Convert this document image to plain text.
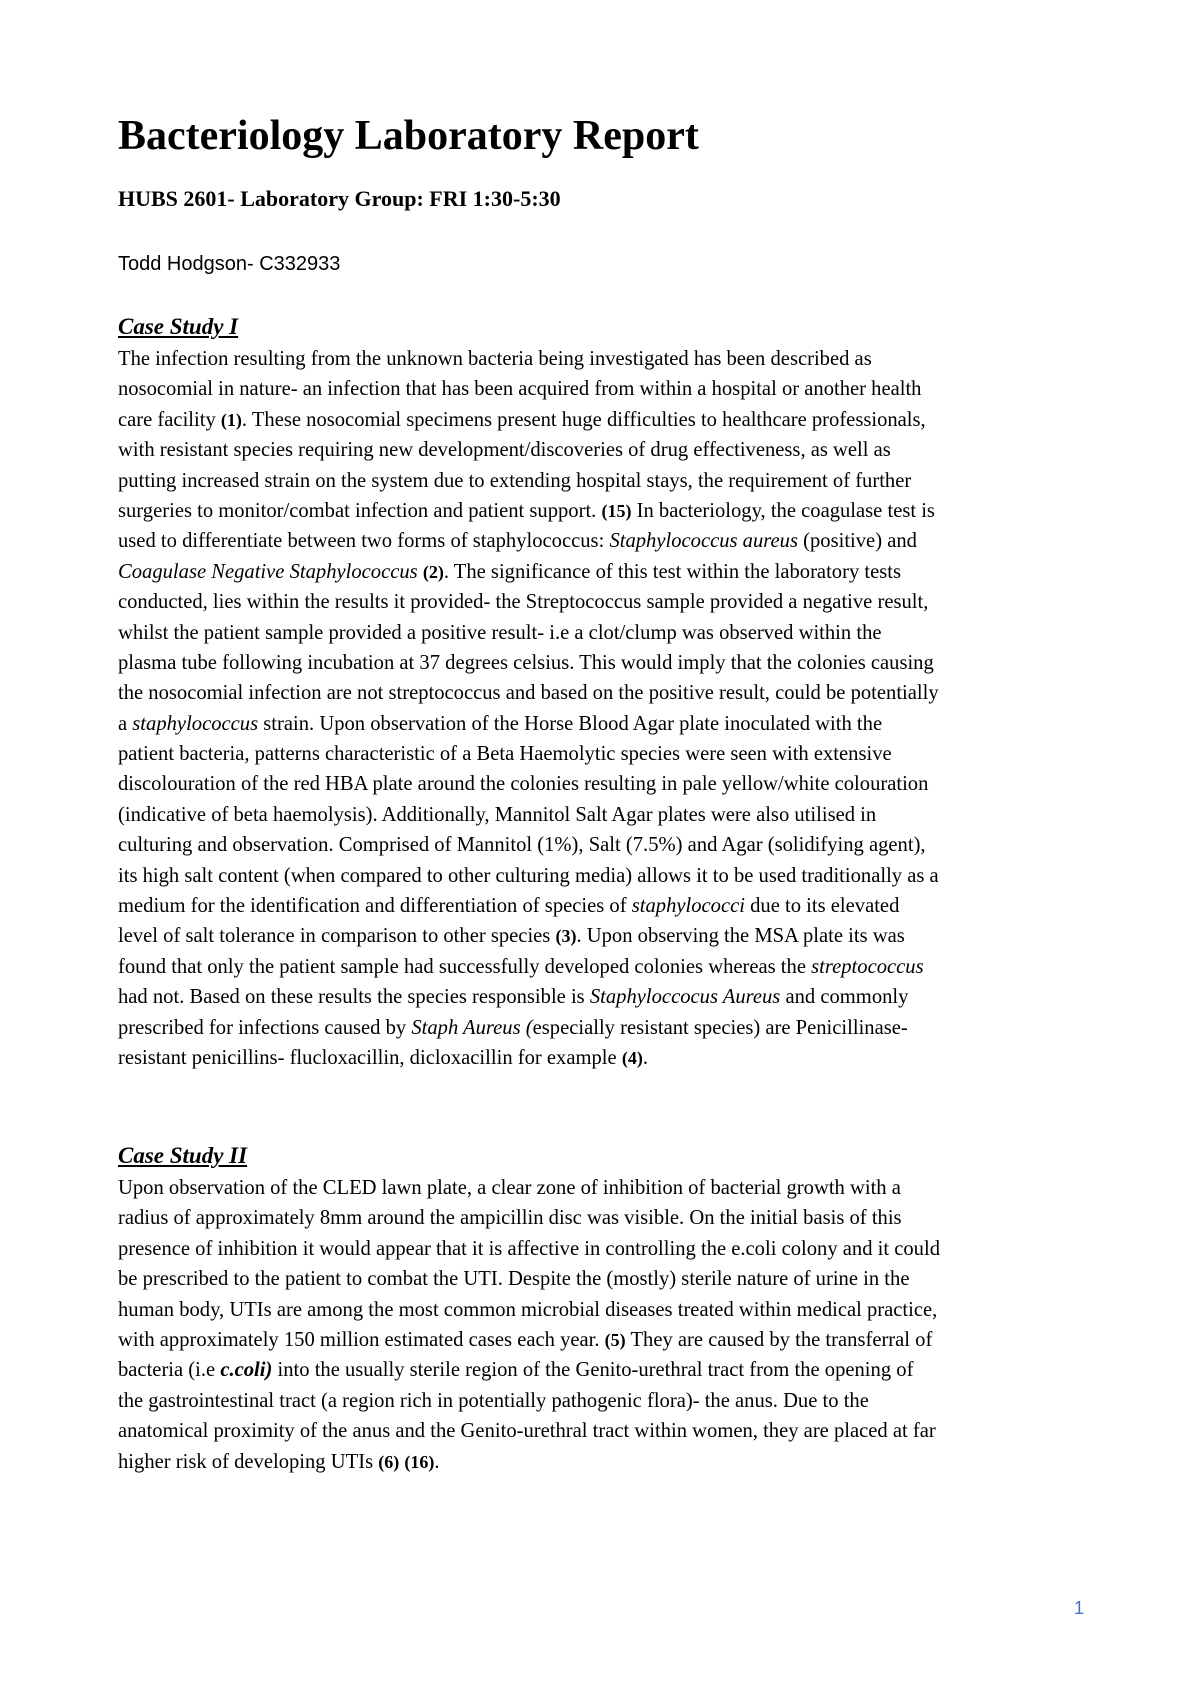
Bacteriology Laboratory Report
HUBS 2601- Laboratory Group: FRI 1:30-5:30
Todd Hodgson- C332933
Case Study I
The infection resulting from the unknown bacteria being investigated has been described as
nosocomial in nature- an infection that has been acquired from within a hospital or another health
care facility (1). These nosocomial specimens present huge difficulties to healthcare professionals,
with resistant species requiring new development/discoveries of drug effectiveness, as well as
putting increased strain on the system due to extending hospital stays, the requirement of further
surgeries to monitor/combat infection and patient support. (15) In bacteriology, the coagulase test is
used to differentiate between two forms of staphylococcus: Staphylococcus aureus (positive) and
Coagulase Negative Staphylococcus (2). The significance of this test within the laboratory tests
conducted, lies within the results it provided- the Streptococcus sample provided a negative result,
whilst the patient sample provided a positive result- i.e a clot/clump was observed within the
plasma tube following incubation at 37 degrees celsius. This would imply that the colonies causing
the nosocomial infection are not streptococcus and based on the positive result, could be potentially
a staphylococcus strain. Upon observation of the Horse Blood Agar plate inoculated with the
patient bacteria, patterns characteristic of a Beta Haemolytic species were seen with extensive
discolouration of the red HBA plate around the colonies resulting in pale yellow/white colouration
(indicative of beta haemolysis). Additionally, Mannitol Salt Agar plates were also utilised in
culturing and observation. Comprised of Mannitol (1%), Salt (7.5%) and Agar (solidifying agent),
its high salt content (when compared to other culturing media) allows it to be used traditionally as a
medium for the identification and differentiation of species of staphylococci due to its elevated
level of salt tolerance in comparison to other species (3). Upon observing the MSA plate its was
found that only the patient sample had successfully developed colonies whereas the streptococcus
had not. Based on these results the species responsible is Staphyloccocus Aureus and commonly
prescribed for infections caused by Staph Aureus (especially resistant species) are Penicillinase-
resistant penicillins- flucloxacillin, dicloxacillin for example (4).
Case Study II
Upon observation of the CLED lawn plate, a clear zone of inhibition of bacterial growth with a
radius of approximately 8mm around the ampicillin disc was visible. On the initial basis of this
presence of inhibition it would appear that it is affective in controlling the e.coli colony and it could
be prescribed to the patient to combat the UTI. Despite the (mostly) sterile nature of urine in the
human body, UTIs are among the most common microbial diseases treated within medical practice,
with approximately 150 million estimated cases each year. (5) They are caused by the transferral of
bacteria (i.e c.coli) into the usually sterile region of the Genito-urethral tract from the opening of
the gastrointestinal tract (a region rich in potentially pathogenic flora)- the anus. Due to the
anatomical proximity of the anus and the Genito-urethral tract within women, they are placed at far
higher risk of developing UTIs (6) (16).
1
